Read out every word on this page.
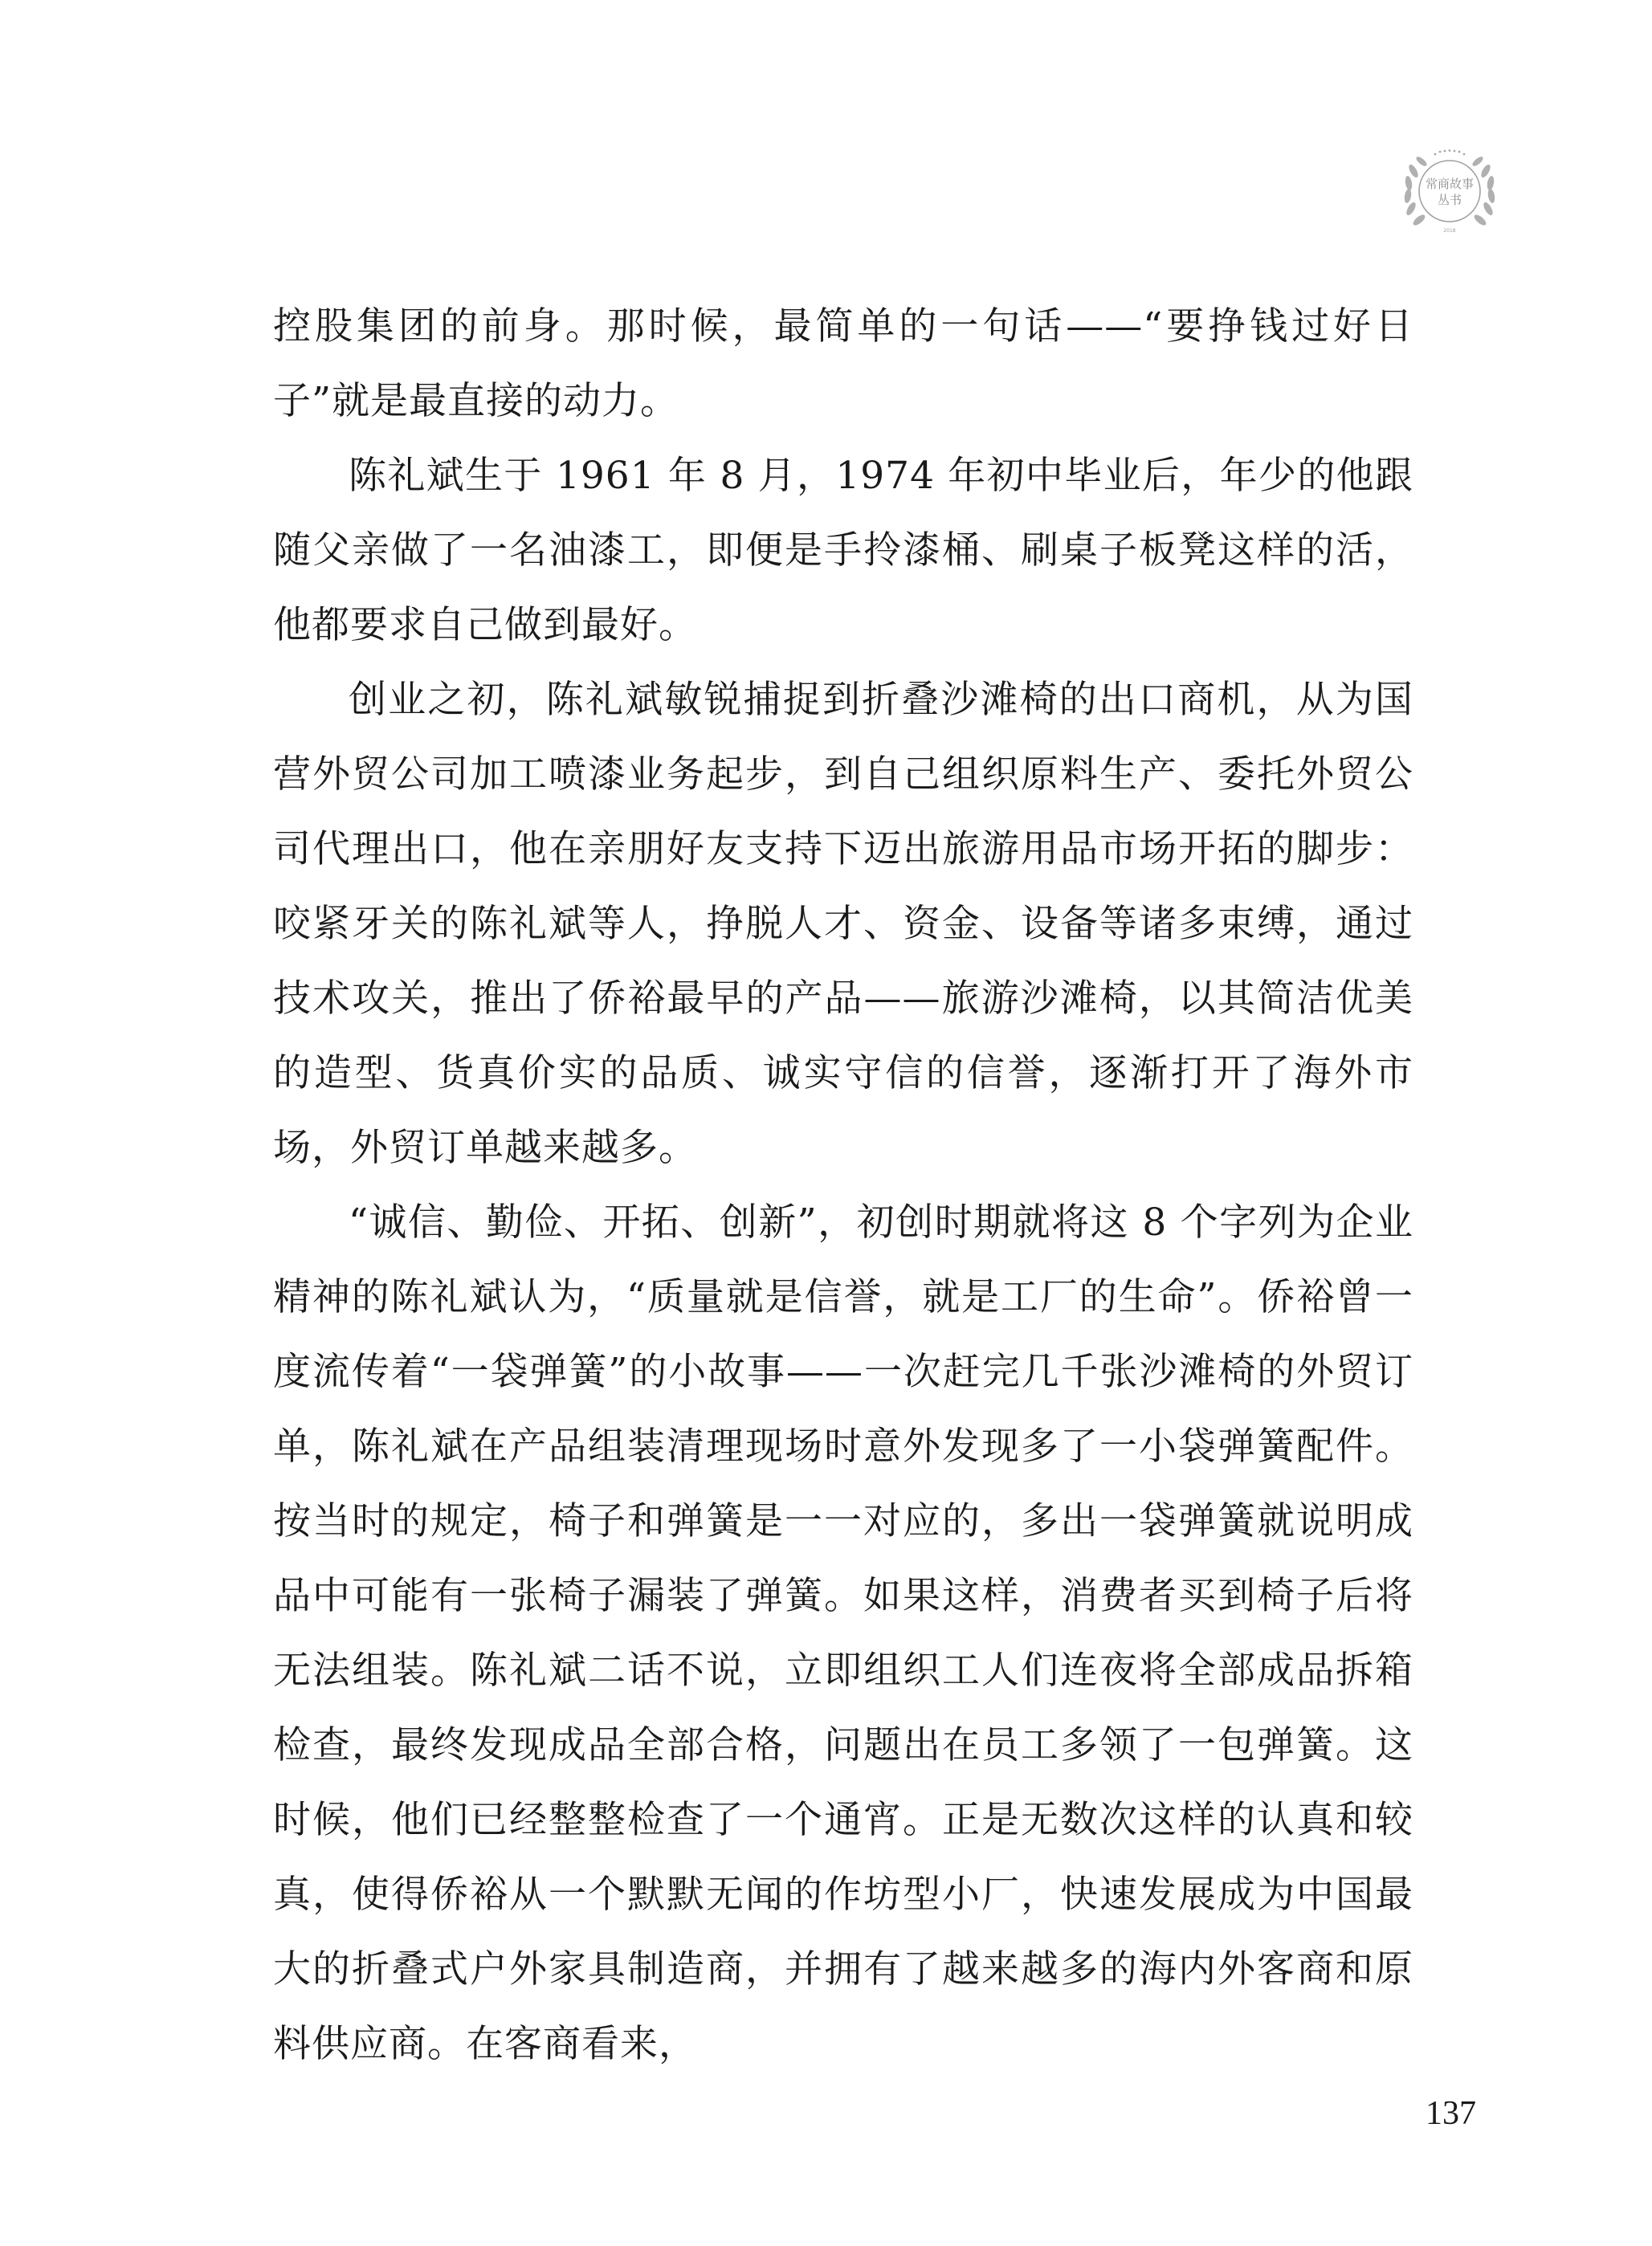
常商故事
丛书
2018

控股集团的前身。那时候，最简单的一句话——“要挣钱过好日子”就是最直接的动力。

陈礼斌生于 1961 年 8 月，1974 年初中毕业后，年少的他跟随父亲做了一名油漆工，即便是手拎漆桶、刷桌子板凳这样的活，他都要求自己做到最好。

创业之初，陈礼斌敏锐捕捉到折叠沙滩椅的出口商机，从为国营外贸公司加工喷漆业务起步，到自己组织原料生产、委托外贸公司代理出口，他在亲朋好友支持下迈出旅游用品市场开拓的脚步：咬紧牙关的陈礼斌等人，挣脱人才、资金、设备等诸多束缚，通过技术攻关，推出了侨裕最早的产品——旅游沙滩椅，以其简洁优美的造型、货真价实的品质、诚实守信的信誉，逐渐打开了海外市场，外贸订单越来越多。

“诚信、勤俭、开拓、创新”，初创时期就将这 8 个字列为企业精神的陈礼斌认为，“质量就是信誉，就是工厂的生命”。侨裕曾一度流传着“一袋弹簧”的小故事——一次赶完几千张沙滩椅的外贸订单，陈礼斌在产品组装清理现场时意外发现多了一小袋弹簧配件。按当时的规定，椅子和弹簧是一一对应的，多出一袋弹簧就说明成品中可能有一张椅子漏装了弹簧。如果这样，消费者买到椅子后将无法组装。陈礼斌二话不说，立即组织工人们连夜将全部成品拆箱检查，最终发现成品全部合格，问题出在员工多领了一包弹簧。这时候，他们已经整整检查了一个通宵。正是无数次这样的认真和较真，使得侨裕从一个默默无闻的作坊型小厂，快速发展成为中国最大的折叠式户外家具制造商，并拥有了越来越多的海内外客商和原料供应商。在客商看来，

137
